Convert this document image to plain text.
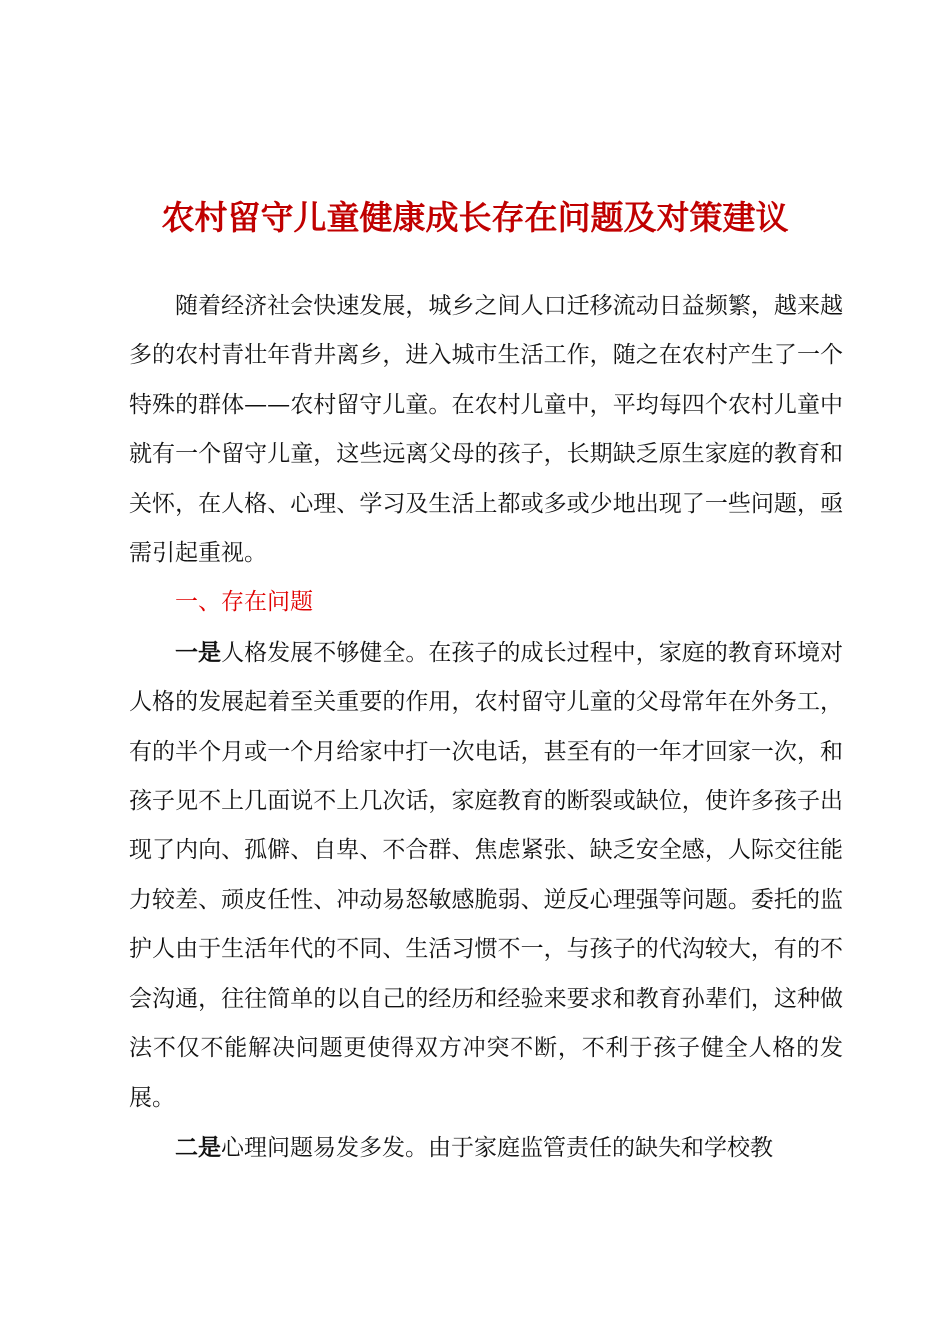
农村留守儿童健康成长存在问题及对策建议

随着经济社会快速发展，城乡之间人口迁移流动日益频繁，越来越多的农村青壮年背井离乡，进入城市生活工作，随之在农村产生了一个特殊的群体——农村留守儿童。在农村儿童中，平均每四个农村儿童中就有一个留守儿童，这些远离父母的孩子，长期缺乏原生家庭的教育和关怀，在人格、心理、学习及生活上都或多或少地出现了一些问题，亟需引起重视。

一、存在问题

一是人格发展不够健全。在孩子的成长过程中，家庭的教育环境对人格的发展起着至关重要的作用，农村留守儿童的父母常年在外务工，有的半个月或一个月给家中打一次电话，甚至有的一年才回家一次，和孩子见不上几面说不上几次话，家庭教育的断裂或缺位，使许多孩子出现了内向、孤僻、自卑、不合群、焦虑紧张、缺乏安全感，人际交往能力较差、顽皮任性、冲动易怒敏感脆弱、逆反心理强等问题。委托的监护人由于生活年代的不同、生活习惯不一，与孩子的代沟较大，有的不会沟通，往往简单的以自己的经历和经验来要求和教育孙辈们，这种做法不仅不能解决问题更使得双方冲突不断，不利于孩子健全人格的发展。

二是心理问题易发多发。由于家庭监管责任的缺失和学校教
